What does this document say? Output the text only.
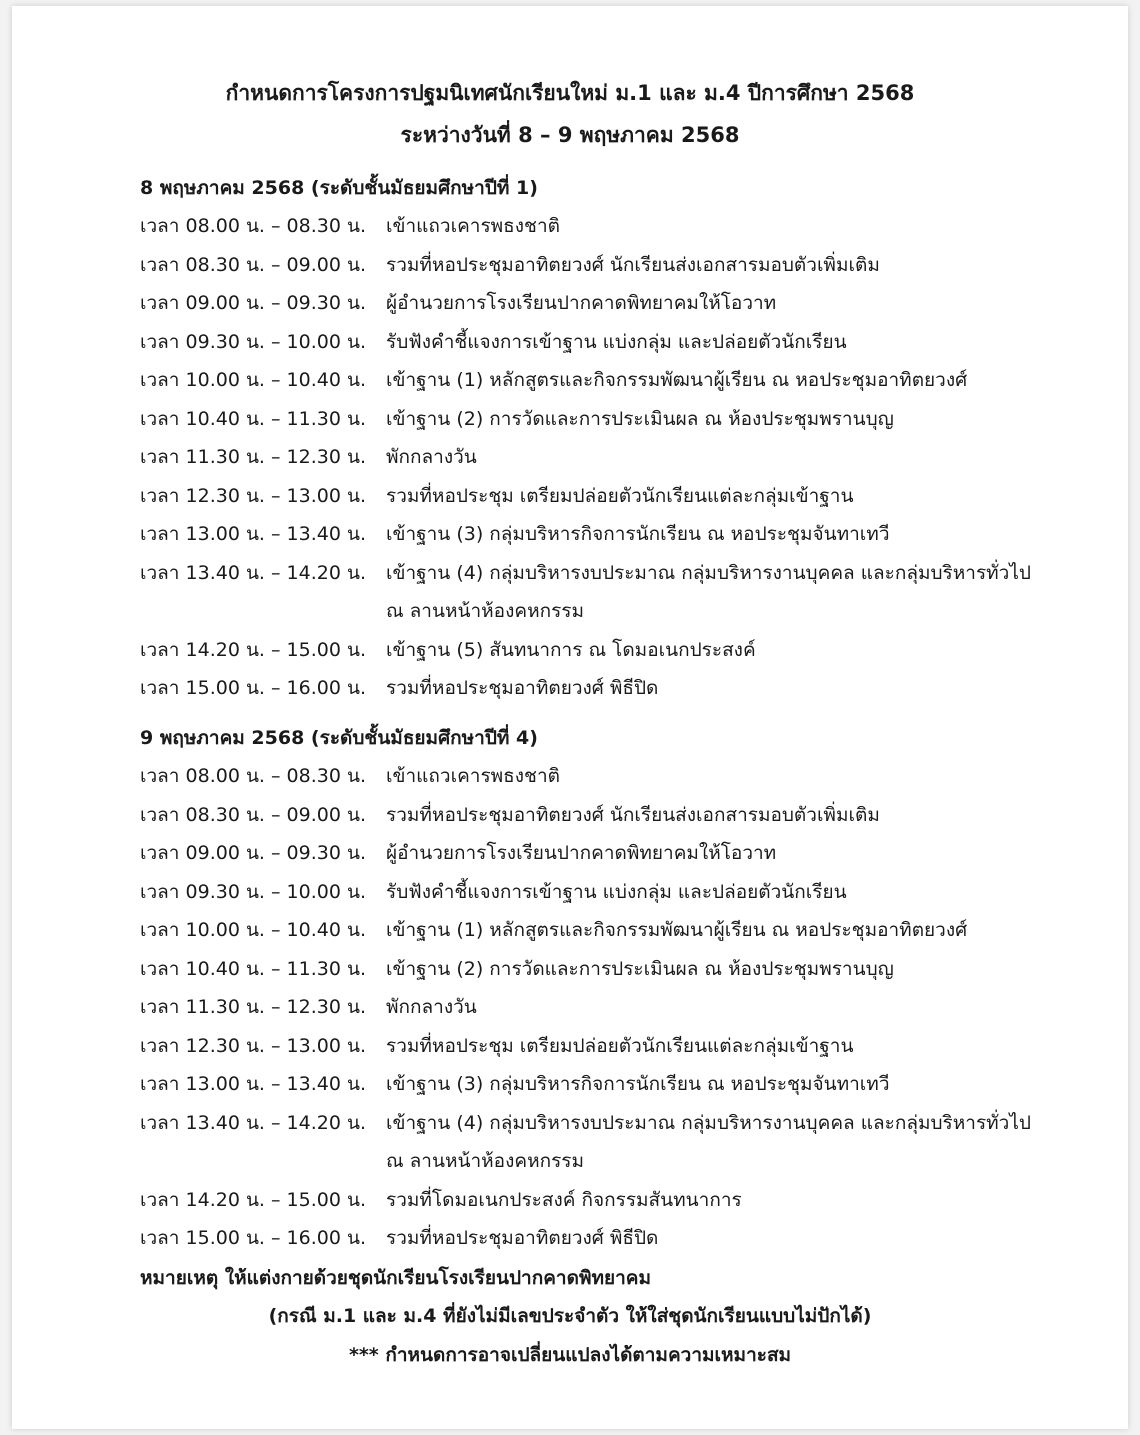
กำหนดการโครงการปฐมนิเทศนักเรียนใหม่ ม.1 และ ม.4 ปีการศึกษา 2568
ระหว่างวันที่ 8 – 9 พฤษภาคม 2568
8 พฤษภาคม 2568 (ระดับชั้นมัธยมศึกษาปีที่ 1)
เวลา 08.00 น. – 08.30 น. เข้าแถวเคารพธงชาติ
เวลา 08.30 น. – 09.00 น. รวมที่หอประชุมอาทิตยวงศ์ นักเรียนส่งเอกสารมอบตัวเพิ่มเติม
เวลา 09.00 น. – 09.30 น. ผู้อำนวยการโรงเรียนปากคาดพิทยาคมให้โอวาท
เวลา 09.30 น. – 10.00 น. รับฟังคำชี้แจงการเข้าฐาน แบ่งกลุ่ม และปล่อยตัวนักเรียน
เวลา 10.00 น. – 10.40 น. เข้าฐาน (1) หลักสูตรและกิจกรรมพัฒนาผู้เรียน ณ หอประชุมอาทิตยวงศ์
เวลา 10.40 น. – 11.30 น. เข้าฐาน (2) การวัดและการประเมินผล ณ ห้องประชุมพรานบุญ
เวลา 11.30 น. – 12.30 น. พักกลางวัน
เวลา 12.30 น. – 13.00 น. รวมที่หอประชุม เตรียมปล่อยตัวนักเรียนแต่ละกลุ่มเข้าฐาน
เวลา 13.00 น. – 13.40 น. เข้าฐาน (3) กลุ่มบริหารกิจการนักเรียน ณ หอประชุมจันทาเทวี
เวลา 13.40 น. – 14.20 น. เข้าฐาน (4) กลุ่มบริหารงบประมาณ กลุ่มบริหารงานบุคคล และกลุ่มบริหารทั่วไป
ณ ลานหน้าห้องคหกรรม
เวลา 14.20 น. – 15.00 น. เข้าฐาน (5) สันทนาการ ณ โดมอเนกประสงค์
เวลา 15.00 น. – 16.00 น. รวมที่หอประชุมอาทิตยวงศ์ พิธีปิด
9 พฤษภาคม 2568 (ระดับชั้นมัธยมศึกษาปีที่ 4)
เวลา 08.00 น. – 08.30 น. เข้าแถวเคารพธงชาติ
เวลา 08.30 น. – 09.00 น. รวมที่หอประชุมอาทิตยวงศ์ นักเรียนส่งเอกสารมอบตัวเพิ่มเติม
เวลา 09.00 น. – 09.30 น. ผู้อำนวยการโรงเรียนปากคาดพิทยาคมให้โอวาท
เวลา 09.30 น. – 10.00 น. รับฟังคำชี้แจงการเข้าฐาน แบ่งกลุ่ม และปล่อยตัวนักเรียน
เวลา 10.00 น. – 10.40 น. เข้าฐาน (1) หลักสูตรและกิจกรรมพัฒนาผู้เรียน ณ หอประชุมอาทิตยวงศ์
เวลา 10.40 น. – 11.30 น. เข้าฐาน (2) การวัดและการประเมินผล ณ ห้องประชุมพรานบุญ
เวลา 11.30 น. – 12.30 น. พักกลางวัน
เวลา 12.30 น. – 13.00 น. รวมที่หอประชุม เตรียมปล่อยตัวนักเรียนแต่ละกลุ่มเข้าฐาน
เวลา 13.00 น. – 13.40 น. เข้าฐาน (3) กลุ่มบริหารกิจการนักเรียน ณ หอประชุมจันทาเทวี
เวลา 13.40 น. – 14.20 น. เข้าฐาน (4) กลุ่มบริหารงบประมาณ กลุ่มบริหารงานบุคคล และกลุ่มบริหารทั่วไป
ณ ลานหน้าห้องคหกรรม
เวลา 14.20 น. – 15.00 น. รวมที่โดมอเนกประสงค์ กิจกรรมสันทนาการ
เวลา 15.00 น. – 16.00 น. รวมที่หอประชุมอาทิตยวงศ์ พิธีปิด
หมายเหตุ ให้แต่งกายด้วยชุดนักเรียนโรงเรียนปากคาดพิทยาคม
(กรณี ม.1 และ ม.4 ที่ยังไม่มีเลขประจำตัว ให้ใส่ชุดนักเรียนแบบไม่ปักได้)
*** กำหนดการอาจเปลี่ยนแปลงได้ตามความเหมาะสม
